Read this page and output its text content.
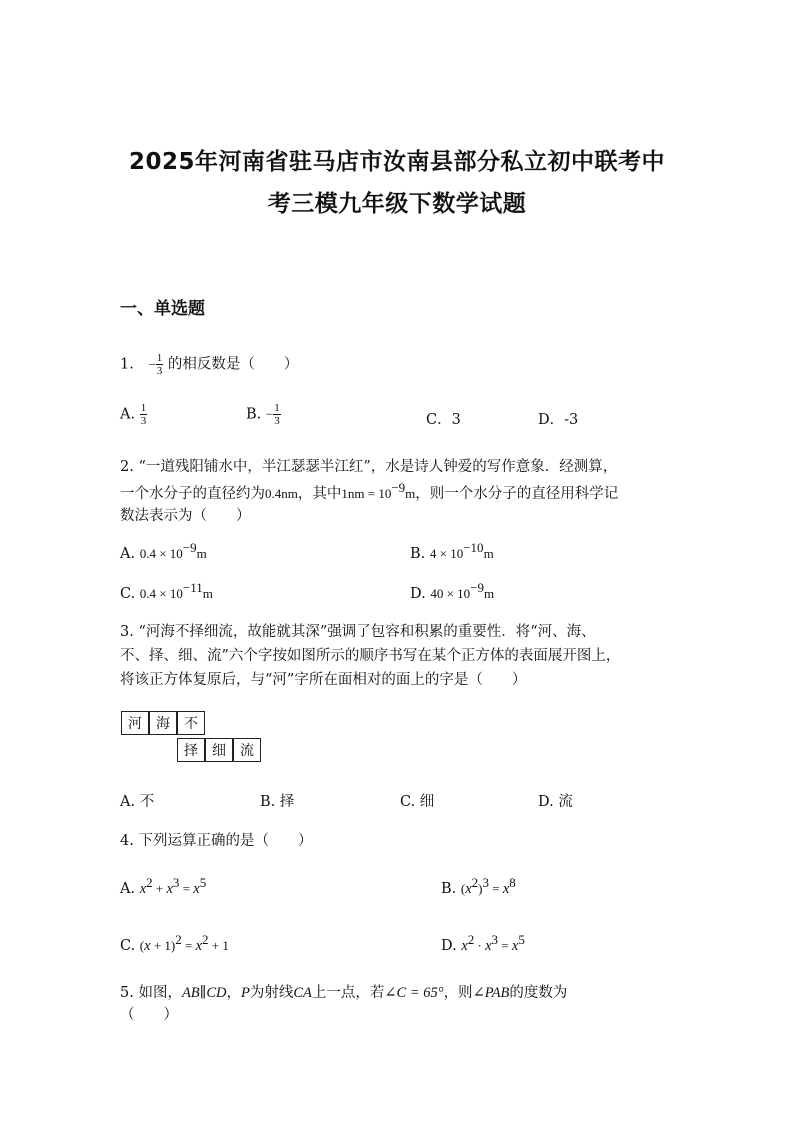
2025年河南省驻马店市汝南县部分私立初中联考中
考三模九年级下数学试题
一、单选题
1. − $\frac{1}{3}$ 的相反数是（　　）
A. $\frac{1}{3}$	B. − $\frac{1}{3}$	C．3	D．-3
2. “一道残阳铺水中，半江瑟瑟半江红”，水是诗人钟爱的写作意象．经测算，
一个水分子的直径约为0.4nm，其中$1nm = 10^{-9}m$，则一个水分子的直径用科学记
数法表示为（　　）
A. $0.4 \times 10^{-9}m$	B. $4 \times 10^{-10}m$
C. $0.4 \times 10^{-11}m$	D. $40 \times 10^{-9}m$
3. “河海不择细流，故能就其深”强调了包容和积累的重要性．将“河、海、
不、择、细、流”六个字按如图所示的顺序书写在某个正方体的表面展开图上，
将该正方体复原后，与“河”字所在面相对的面上的字是（　　）
河	海	不
择	细	流
A. 不	B. 择	C. 细	D. 流
4. 下列运算正确的是（　　）
A. $x^2 + x^3 = x^5$	B. $(x^2)^3 = x^8$
C. $(x + 1)^2 = x^2 + 1$	D. $x^2 \cdot x^3 = x^5$
5. 如图，AB∥CD，P为射线CA上一点，若∠C = 65°，则∠PAB的度数为
（　　）
